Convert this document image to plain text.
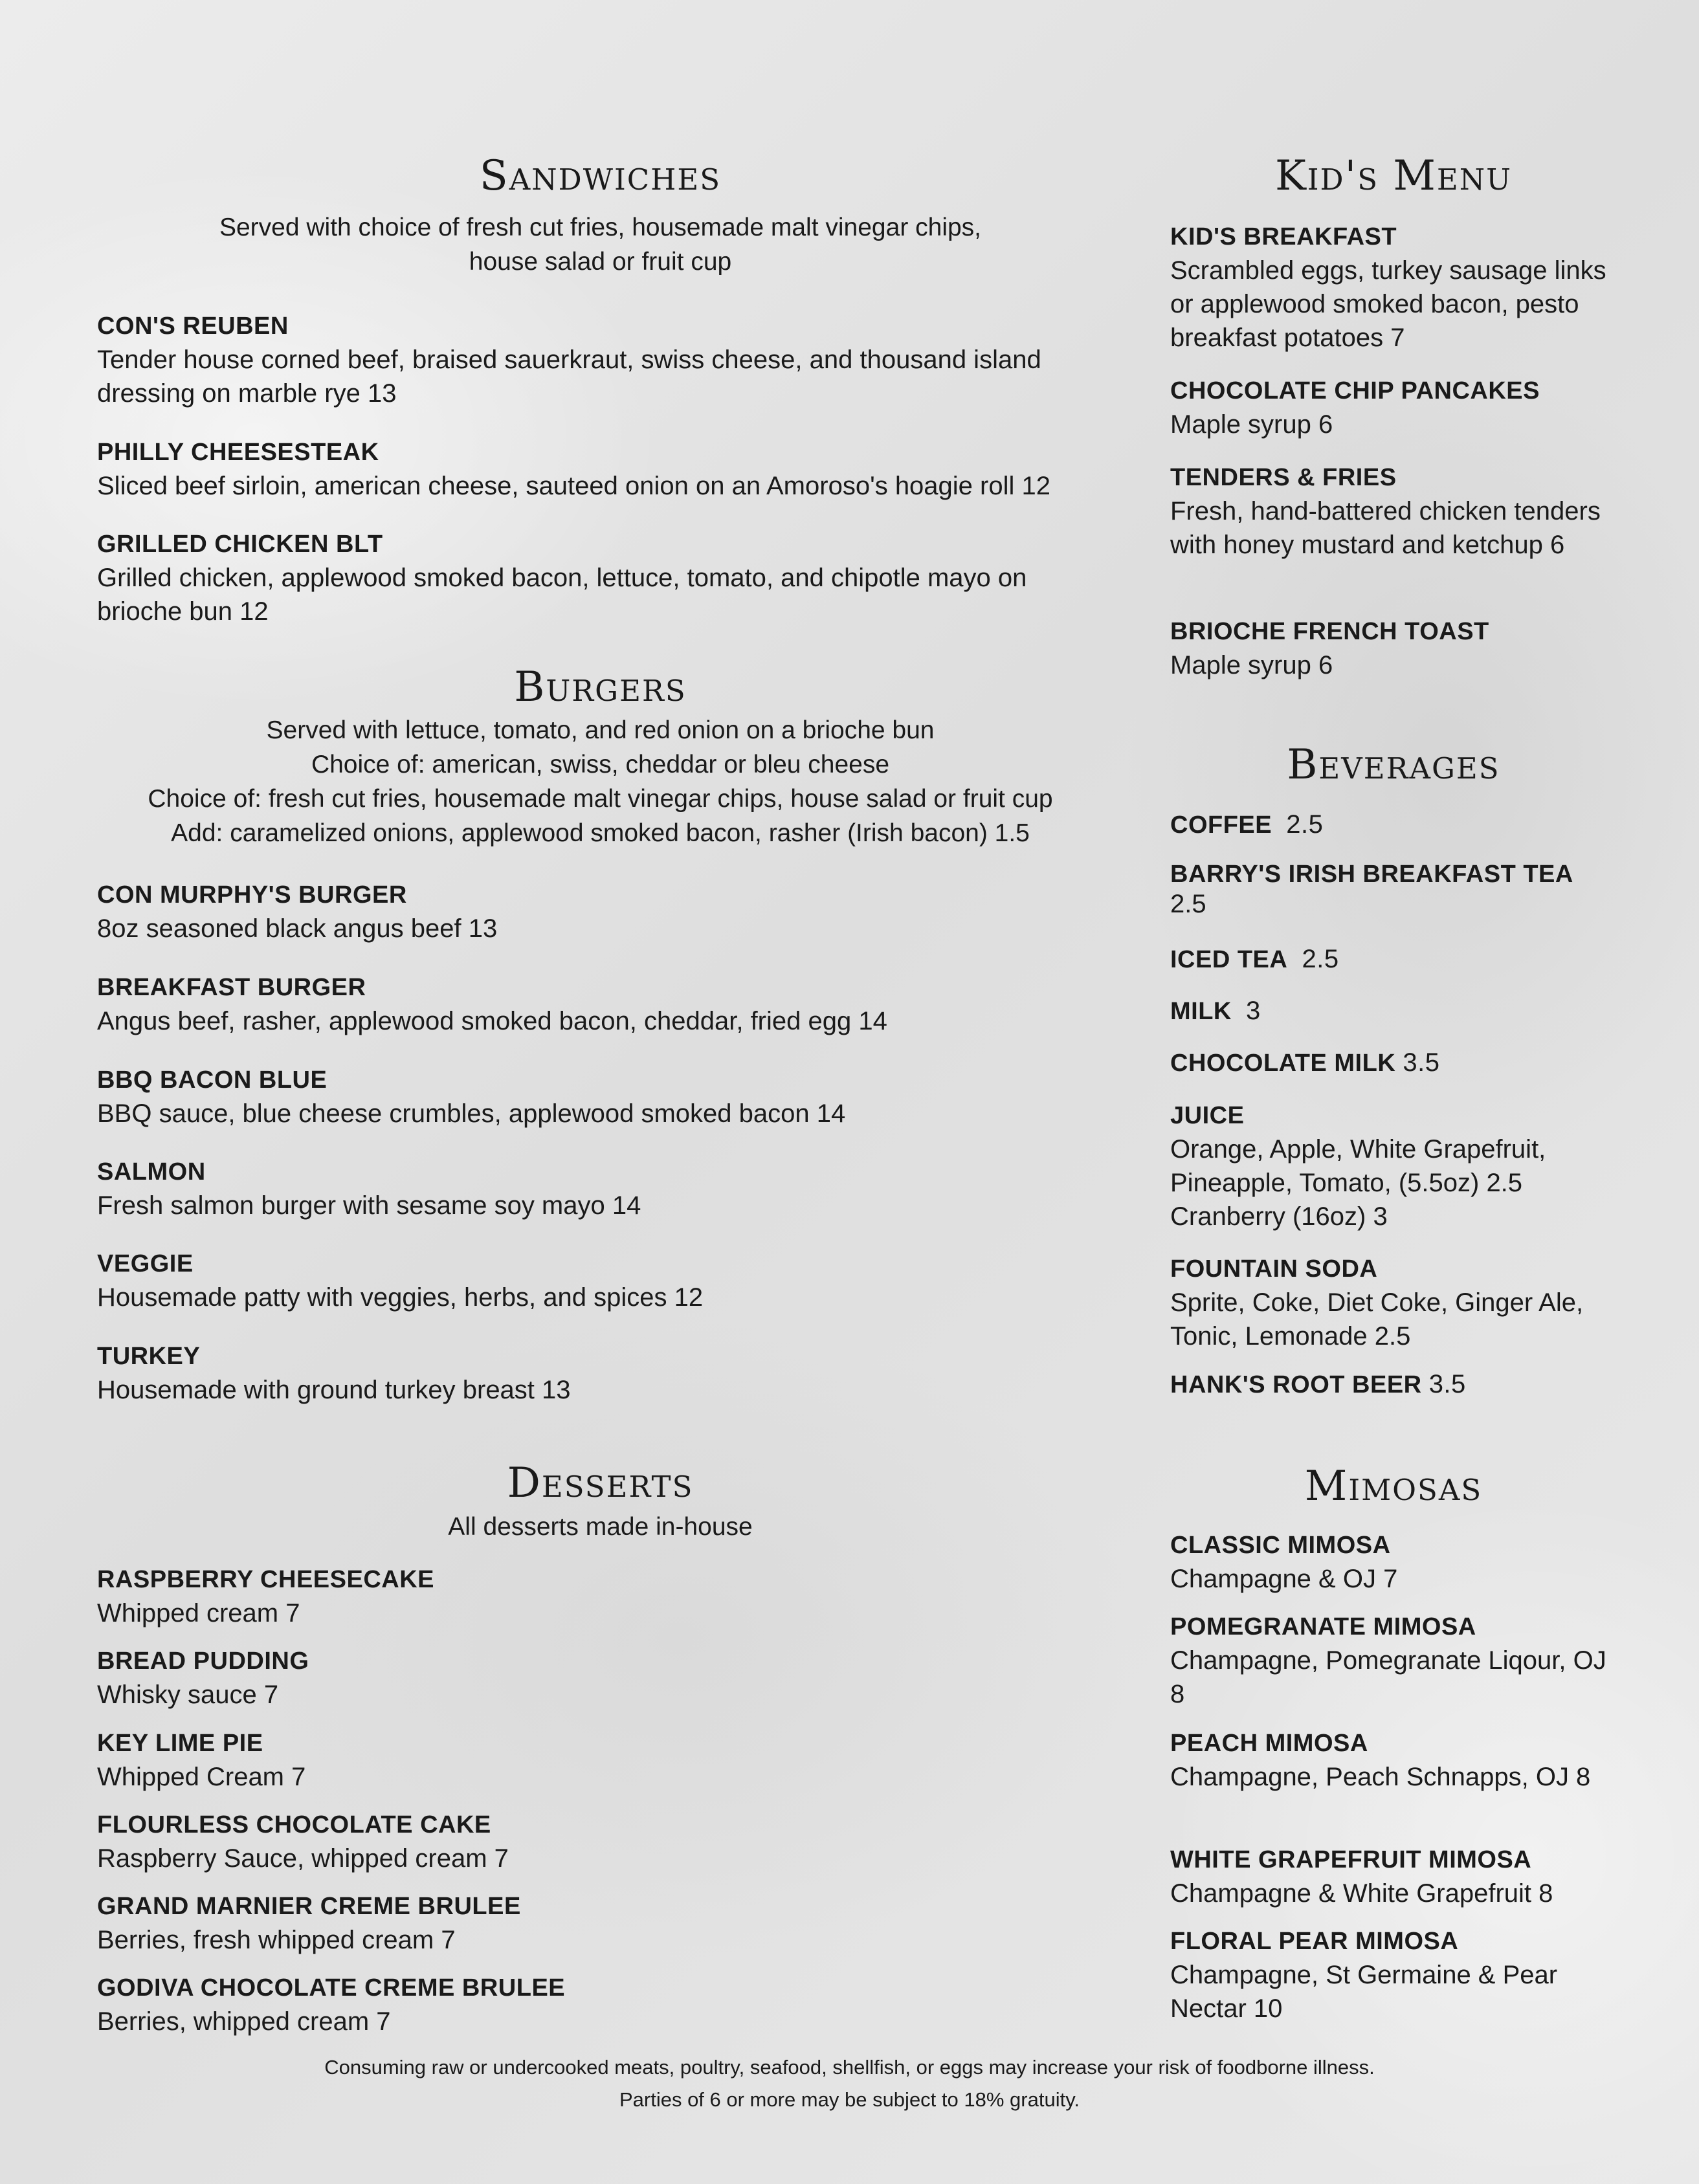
Sandwiches

Served with choice of fresh cut fries, housemade malt vinegar chips,

house salad or fruit cup

CON'S REUBEN
Tender house corned beef, braised sauerkraut, swiss cheese, and thousand island dressing on marble rye 13
PHILLY CHEESESTEAK
Sliced beef sirloin, american cheese, sauteed onion on an Amoroso's hoagie roll 12
GRILLED CHICKEN BLT
Grilled chicken, applewood smoked bacon, lettuce, tomato, and chipotle mayo on brioche bun 12
Burgers

Served with lettuce, tomato, and red onion on a brioche bun

Choice of: american, swiss, cheddar or bleu cheese

Choice of: fresh cut fries, housemade malt vinegar chips, house salad or fruit cup

Add: caramelized onions, applewood smoked bacon, rasher (Irish bacon) 1.5

CON MURPHY'S BURGER
8oz seasoned black angus beef 13
BREAKFAST BURGER
Angus beef, rasher, applewood smoked bacon, cheddar, fried egg 14
BBQ BACON BLUE
BBQ sauce, blue cheese crumbles, applewood smoked bacon 14
SALMON
Fresh salmon burger with sesame soy mayo 14
VEGGIE
Housemade patty with veggies, herbs, and spices 12
TURKEY
Housemade with ground turkey breast 13
Desserts

All desserts made in-house

RASPBERRY CHEESECAKE
Whipped cream 7
BREAD PUDDING
Whisky sauce 7
KEY LIME PIE
Whipped Cream 7
FLOURLESS CHOCOLATE CAKE
Raspberry Sauce, whipped cream 7
GRAND MARNIER CREME BRULEE
Berries, fresh whipped cream 7
GODIVA CHOCOLATE CREME BRULEE
Berries, whipped cream 7
Kid's Menu
KID'S BREAKFAST
Scrambled eggs, turkey sausage links or applewood smoked bacon, pesto breakfast potatoes 7
CHOCOLATE CHIP PANCAKES
Maple syrup 6
TENDERS & FRIES
Fresh, hand-battered chicken tenders with honey mustard and ketchup 6
BRIOCHE FRENCH TOAST
Maple syrup 6
Beverages
COFFEE 2.5
BARRY'S IRISH BREAKFAST TEA
2.5
ICED TEA 2.5
MILK 3
CHOCOLATE MILK 3.5
JUICE
Orange, Apple, White Grapefruit, Pineapple, Tomato, (5.5oz) 2.5
Cranberry (16oz) 3
FOUNTAIN SODA
Sprite, Coke, Diet Coke, Ginger Ale, Tonic, Lemonade 2.5
HANK'S ROOT BEER 3.5
Mimosas
CLASSIC MIMOSA
Champagne & OJ 7
POMEGRANATE MIMOSA
Champagne, Pomegranate Liqour, OJ 8
PEACH MIMOSA
Champagne, Peach Schnapps, OJ 8
WHITE GRAPEFRUIT MIMOSA
Champagne & White Grapefruit 8
FLORAL PEAR MIMOSA
Champagne, St Germaine & Pear Nectar 10
Consuming raw or undercooked meats, poultry, seafood, shellfish, or eggs may increase your risk of foodborne illness.
Parties of 6 or more may be subject to 18% gratuity.
